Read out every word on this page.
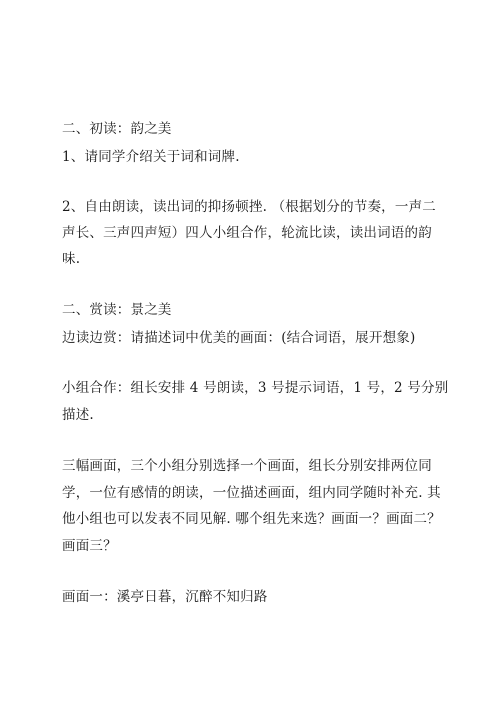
二、初读：韵之美
1、请同学介绍关于词和词牌.
2、自由朗读，读出词的抑扬顿挫. （根据划分的节奏，一声二
声长、三声四声短）四人小组合作，轮流比读，读出词语的韵
味.
二、赏读：景之美
边读边赏：请描述词中优美的画面：(结合词语，展开想象)
小组合作：组长安排 4 号朗读，3 号提示词语，1 号，2 号分别
描述.
三幅画面，三个小组分别选择一个画面，组长分别安排两位同
学，一位有感情的朗读，一位描述画面，组内同学随时补充. 其
他小组也可以发表不同见解. 哪个组先来选？画面一？画面二？
画面三？
画面一：溪亭日暮，沉醉不知归路
